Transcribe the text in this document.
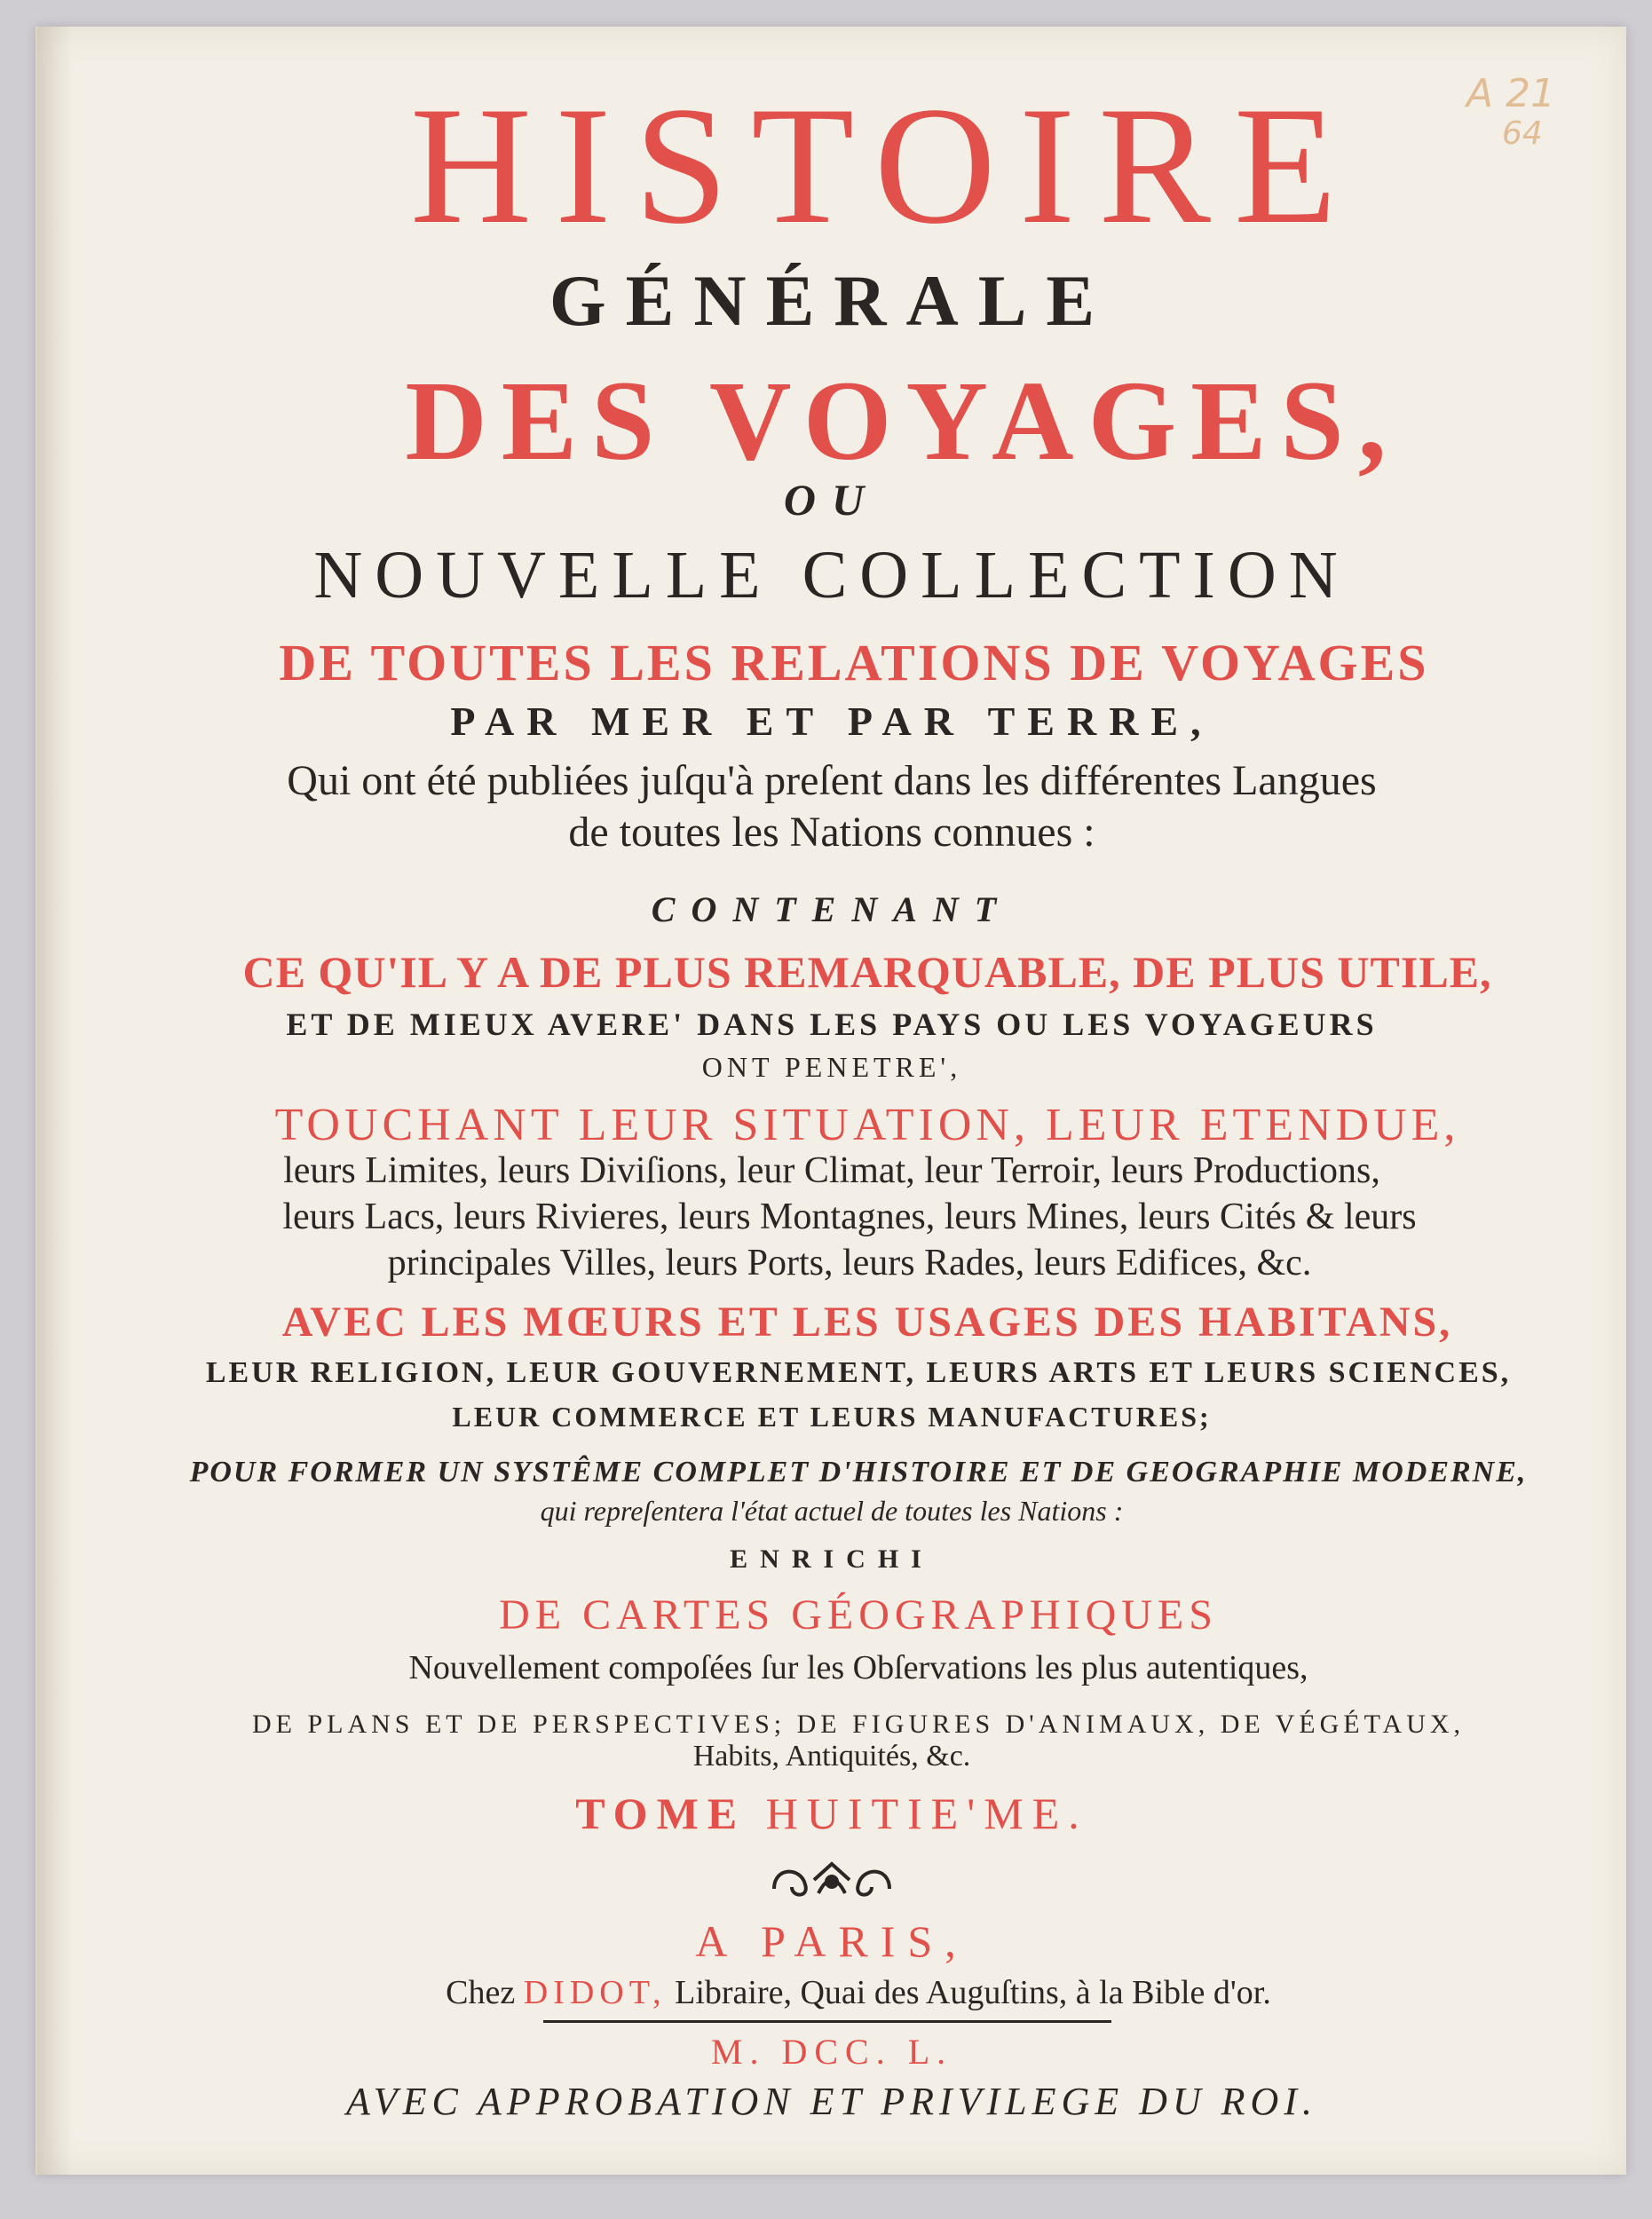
A 21
64
HISTOIRE
GÉNÉRALE
DES VOYAGES,
OU
NOUVELLE COLLECTION
DE TOUTES LES RELATIONS DE VOYAGES
PAR MER ET PAR TERRE,
Qui ont été publiées juſqu'à preſent dans les différentes Langues
de toutes les Nations connues :
CONTENANT
CE QU'IL Y A DE PLUS REMARQUABLE, DE PLUS UTILE,
ET DE MIEUX AVERE' DANS LES PAYS OU LES VOYAGEURS
ONT PENETRE',
TOUCHANT LEUR SITUATION, LEUR ETENDUE,
leurs Limites, leurs Diviſions, leur Climat, leur Terroir, leurs Productions,
leurs Lacs, leurs Rivieres, leurs Montagnes, leurs Mines, leurs Cités & leurs
principales Villes, leurs Ports, leurs Rades, leurs Edifices, &c.
AVEC LES MŒURS ET LES USAGES DES HABITANS,
LEUR RELIGION, LEUR GOUVERNEMENT, LEURS ARTS ET LEURS SCIENCES,
LEUR COMMERCE ET LEURS MANUFACTURES;
POUR FORMER UN SYSTÊME COMPLET D'HISTOIRE ET DE GEOGRAPHIE MODERNE,
qui repreſentera l'état actuel de toutes les Nations :
ENRICHI
DE CARTES GÉOGRAPHIQUES
Nouvellement compoſées ſur les Obſervations les plus autentiques,
DE PLANS ET DE PERSPECTIVES; DE FIGURES D'ANIMAUX, DE VÉGÉTAUX,
Habits, Antiquités, &c.
TOME HUITIE'ME.
A PARIS,
Chez DIDOT, Libraire, Quai des Auguſtins, à la Bible d'or.
M. DCC. L.
AVEC APPROBATION ET PRIVILEGE DU ROI.
